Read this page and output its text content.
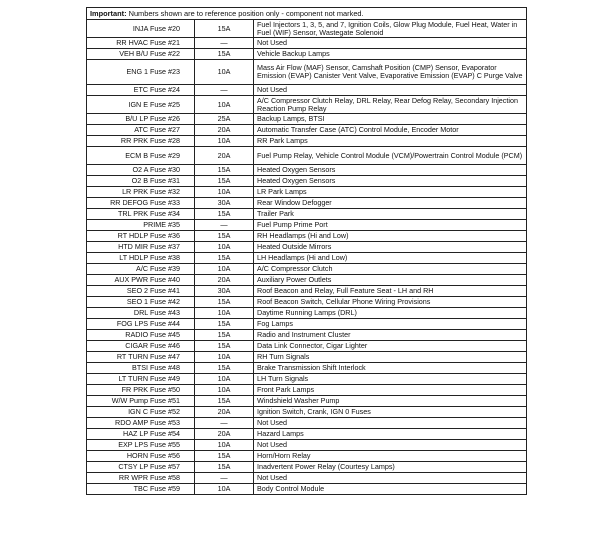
Important: Numbers shown are to reference position only - component not marked.
INJA Fuse #20	15A	Fuel Injectors 1, 3, 5, and 7, Ignition Coils, Glow Plug Module, Fuel Heat, Water in Fuel (WIF) Sensor, Wastegate Solenoid
RR HVAC Fuse #21	—	Not Used
VEH B/U Fuse #22	15A	Vehicle Backup Lamps
ENG 1 Fuse #23	10A	Mass Air Flow (MAF) Sensor, Camshaft Position (CMP) Sensor, Evaporator Emission (EVAP) Canister Vent Valve, Evaporative Emission (EVAP) C Purge Valve
ETC Fuse #24	—	Not Used
IGN E Fuse #25	10A	A/C Compressor Clutch Relay, DRL Relay, Rear Defog Relay, Secondary Injection Reaction Pump Relay
B/U LP Fuse #26	25A	Backup Lamps, BTSI
ATC Fuse #27	20A	Automatic Transfer Case (ATC) Control Module, Encoder Motor
RR PRK Fuse #28	10A	RR Park Lamps
ECM B Fuse #29	20A	Fuel Pump Relay, Vehicle Control Module (VCM)/Powertrain Control Module (PCM)
O2 A Fuse #30	15A	Heated Oxygen Sensors
O2 B Fuse #31	15A	Heated Oxygen Sensors
LR PRK Fuse #32	10A	LR Park Lamps
RR DEFOG Fuse #33	30A	Rear Window Defogger
TRL PRK Fuse #34	15A	Trailer Park
PRIME #35	—	Fuel Pump Prime Port
RT HDLP Fuse #36	15A	RH Headlamps (Hi and Low)
HTD MIR Fuse #37	10A	Heated Outside Mirrors
LT HDLP Fuse #38	15A	LH Headlamps (Hi and Low)
A/C Fuse #39	10A	A/C Compressor Clutch
AUX PWR Fuse #40	20A	Auxiliary Power Outlets
SEO 2 Fuse #41	30A	Roof Beacon and Relay, Full Feature Seat - LH and RH
SEO 1 Fuse #42	15A	Roof Beacon Switch, Cellular Phone Wiring Provisions
DRL Fuse #43	10A	Daytime Running Lamps (DRL)
FOG LPS Fuse #44	15A	Fog Lamps
RADIO Fuse #45	15A	Radio and Instrument Cluster
CIGAR Fuse #46	15A	Data Link Connector, Cigar Lighter
RT TURN Fuse #47	10A	RH Turn Signals
BTSI Fuse #48	15A	Brake Transmission Shift Interlock
LT TURN Fuse #49	10A	LH Turn Signals
FR PRK Fuse #50	10A	Front Park Lamps
W/W Pump Fuse #51	15A	Windshield Washer Pump
IGN C Fuse #52	20A	Ignition Switch, Crank, IGN 0 Fuses
RDO AMP Fuse #53	—	Not Used
HAZ LP Fuse #54	20A	Hazard Lamps
EXP LPS Fuse #55	10A	Not Used
HORN Fuse #56	15A	Horn/Horn Relay
CTSY LP Fuse #57	15A	Inadvertent Power Relay (Courtesy Lamps)
RR WPR Fuse #58	—	Not Used
TBC Fuse #59	10A	Body Control Module
